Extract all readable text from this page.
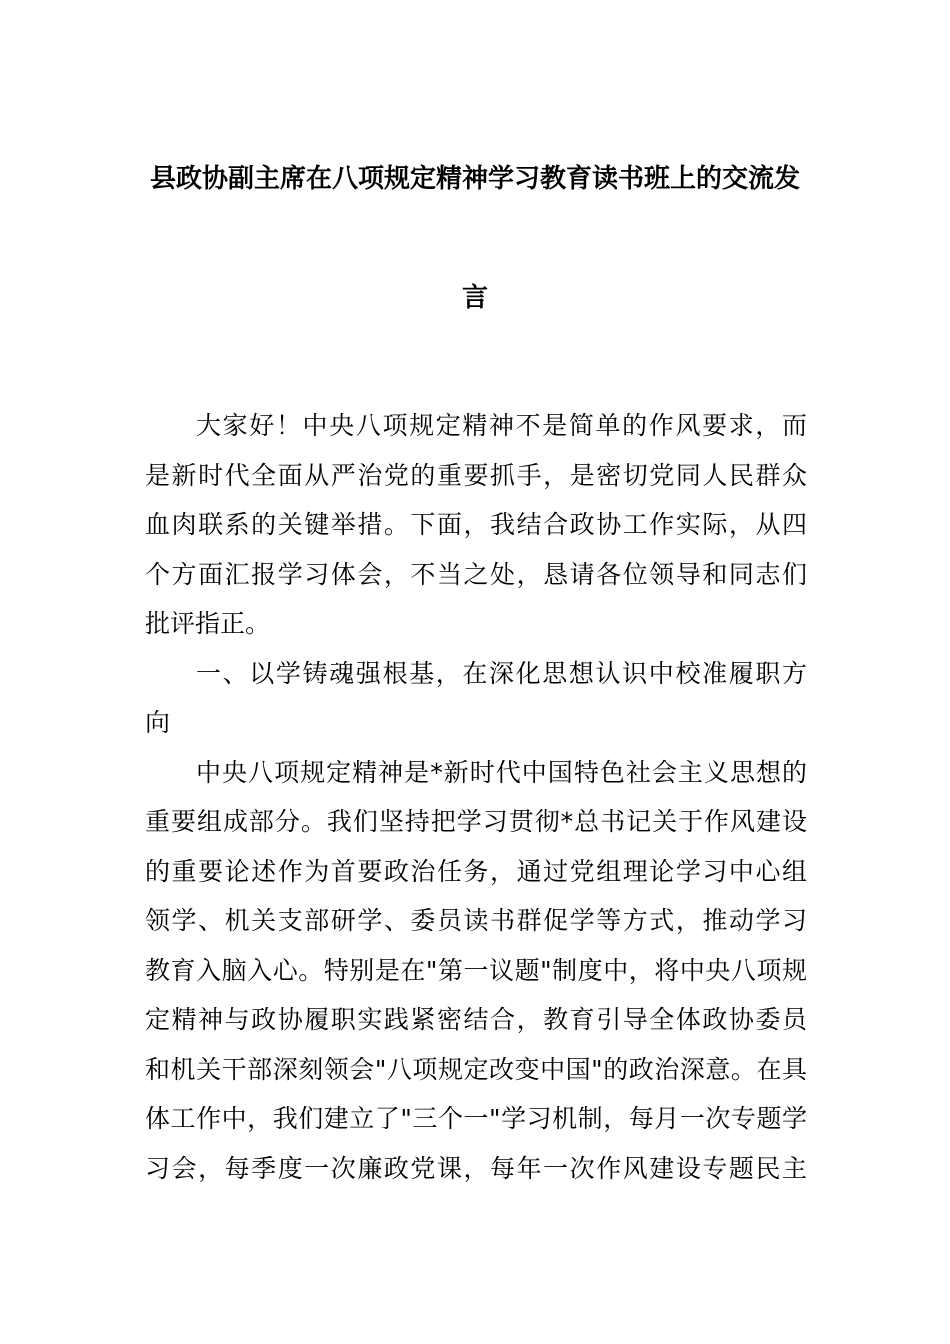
县政协副主席在八项规定精神学习教育读书班上的交流发
言
大家好！中央八项规定精神不是简单的作风要求，而
是新时代全面从严治党的重要抓手，是密切党同人民群众
血肉联系的关键举措。下面，我结合政协工作实际，从四
个方面汇报学习体会，不当之处，恳请各位领导和同志们
批评指正。
一、以学铸魂强根基，在深化思想认识中校准履职方
向
中央八项规定精神是*新时代中国特色社会主义思想的
重要组成部分。我们坚持把学习贯彻*总书记关于作风建设
的重要论述作为首要政治任务，通过党组理论学习中心组
领学、机关支部研学、委员读书群促学等方式，推动学习
教育入脑入心。特别是在"第一议题"制度中，将中央八项规
定精神与政协履职实践紧密结合，教育引导全体政协委员
和机关干部深刻领会"八项规定改变中国"的政治深意。在具
体工作中，我们建立了"三个一"学习机制，每月一次专题学
习会，每季度一次廉政党课，每年一次作风建设专题民主
